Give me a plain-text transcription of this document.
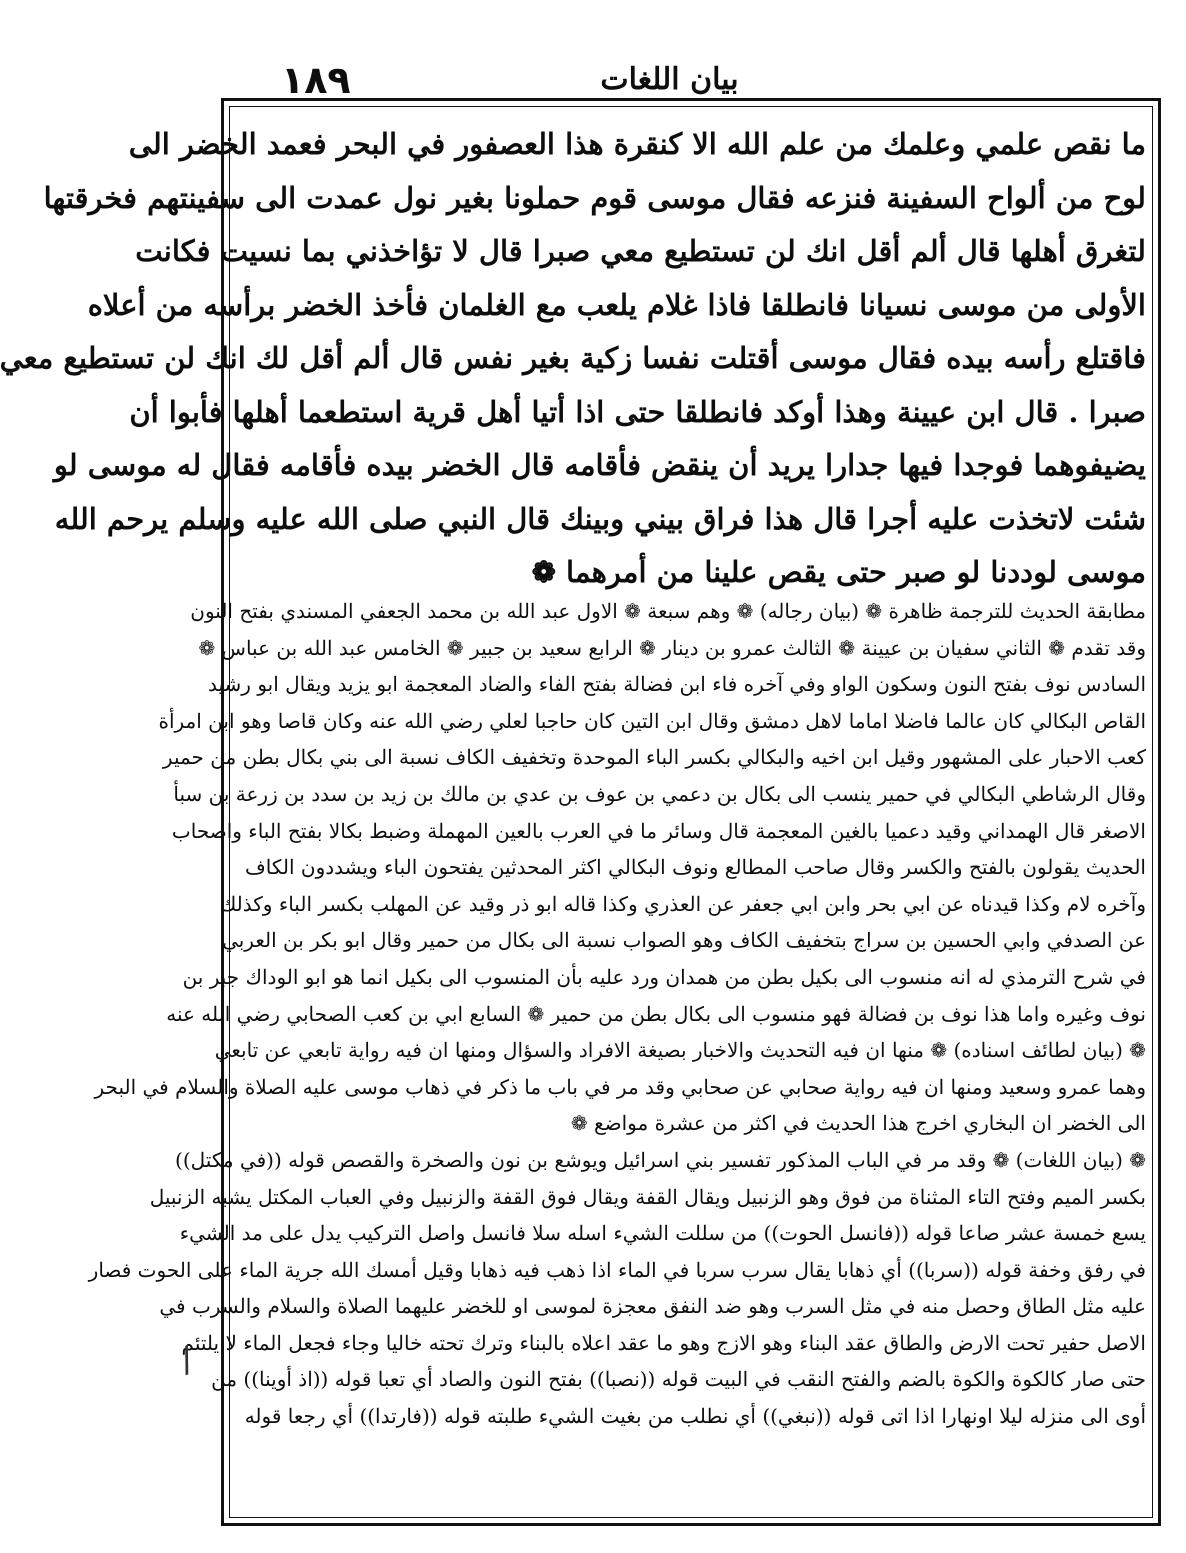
١٨٩	بيان اللغات
ما نقص علمي وعلمك من علم الله الا كنقرة هذا العصفور في البحر فعمد الخضر الى
لوح من ألواح السفينة فنزعه فقال موسى قوم حملونا بغير نول عمدت الى سفينتهم فخرقتها
لتغرق أهلها قال ألم أقل انك لن تستطيع معي صبرا قال لا تؤاخذني بما نسيت فكانت
الأولى من موسى نسيانا فانطلقا فاذا غلام يلعب مع الغلمان فأخذ الخضر برأسه من أعلاه
فاقتلع رأسه بيده فقال موسى أقتلت نفسا زكية بغير نفس قال ألم أقل لك انك لن تستطيع معي
صبرا . قال ابن عيينة وهذا أوكد فانطلقا حتى اذا أتيا أهل قرية استطعما أهلها فأبوا أن
يضيفوهما فوجدا فيها جدارا يريد أن ينقض فأقامه قال الخضر بيده فأقامه فقال له موسى لو
شئت لاتخذت عليه أجرا قال هذا فراق بيني وبينك قال النبي صلى الله عليه وسلم يرحم الله
موسى لوددنا لو صبر حتى يقص علينا من أمرهما ❁
مطابقة الحديث للترجمة ظاهرة ❁ (بيان رجاله) ❁ وهم سبعة ❁ الاول عبد الله بن محمد الجعفي المسندي بفتح النون
وقد تقدم ❁ الثاني سفيان بن عيينة ❁ الثالث عمرو بن دينار ❁ الرابع سعيد بن جبير ❁ الخامس عبد الله بن عباس ❁
السادس نوف بفتح النون وسكون الواو وفي آخره فاء ابن فضالة بفتح الفاء والضاد المعجمة ابو يزيد ويقال ابو رشيد
القاص البكالي كان عالما فاضلا اماما لاهل دمشق وقال ابن التين كان حاجبا لعلي رضي الله عنه وكان قاصا وهو ابن امرأة
كعب الاحبار على المشهور وقيل ابن اخيه والبكالي بكسر الباء الموحدة وتخفيف الكاف نسبة الى بني بكال بطن من حمير
وقال الرشاطي البكالي في حمير ينسب الى بكال بن دعمي بن عوف بن عدي بن مالك بن زيد بن سدد بن زرعة بن سبأ
الاصغر قال الهمداني وقيد دعميا بالغين المعجمة قال وسائر ما في العرب بالعين المهملة وضبط بكالا بفتح الباء واصحاب
الحديث يقولون بالفتح والكسر وقال صاحب المطالع ونوف البكالي اكثر المحدثين يفتحون الباء ويشددون الكاف
وآخره لام وكذا قيدناه عن ابي بحر وابن ابي جعفر عن العذري وكذا قاله ابو ذر وقيد عن المهلب بكسر الباء وكذلك
عن الصدفي وابي الحسين بن سراج بتخفيف الكاف وهو الصواب نسبة الى بكال من حمير وقال ابو بكر بن العربي
في شرح الترمذي له انه منسوب الى بكيل بطن من همدان ورد عليه بأن المنسوب الى بكيل انما هو ابو الوداك جبر بن
نوف وغيره واما هذا نوف بن فضالة فهو منسوب الى بكال بطن من حمير ❁ السابع ابي بن كعب الصحابي رضي الله عنه
❁ (بيان لطائف اسناده) ❁ منها ان فيه التحديث والاخبار بصيغة الافراد والسؤال ومنها ان فيه رواية تابعي عن تابعي
وهما عمرو وسعيد ومنها ان فيه رواية صحابي عن صحابي وقد مر في باب ما ذكر في ذهاب موسى عليه الصلاة والسلام في البحر
الى الخضر ان البخاري اخرج هذا الحديث في اكثر من عشرة مواضع ❁
❁ (بيان اللغات) ❁ وقد مر في الباب المذكور تفسير بني اسرائيل ويوشع بن نون والصخرة والقصص قوله ((في مكتل))
بكسر الميم وفتح التاء المثناة من فوق وهو الزنبيل ويقال القفة ويقال فوق القفة والزنبيل وفي العباب المكتل يشبه الزنبيل
يسع خمسة عشر صاعا قوله ((فانسل الحوت)) من سللت الشيء اسله سلا فانسل واصل التركيب يدل على مد الشيء
في رفق وخفة قوله ((سربا)) أي ذهابا يقال سرب سربا في الماء اذا ذهب فيه ذهابا وقيل أمسك الله جرية الماء على الحوت فصار
عليه مثل الطاق وحصل منه في مثل السرب وهو ضد النفق معجزة لموسى او للخضر عليهما الصلاة والسلام والسرب في
الاصل حفير تحت الارض والطاق عقد البناء وهو الازج وهو ما عقد اعلاه بالبناء وترك تحته خاليا وجاء فجعل الماء لا يلتئم
حتى صار كالكوة والكوة بالضم والفتح النقب في البيت قوله ((نصبا)) بفتح النون والصاد أي تعبا قوله ((اذ أوينا)) من
أوى الى منزله ليلا اونهارا اذا اتى قوله ((نبغي)) أي نطلب من بغيت الشيء طلبته قوله ((فارتدا)) أي رجعا قوله
/
